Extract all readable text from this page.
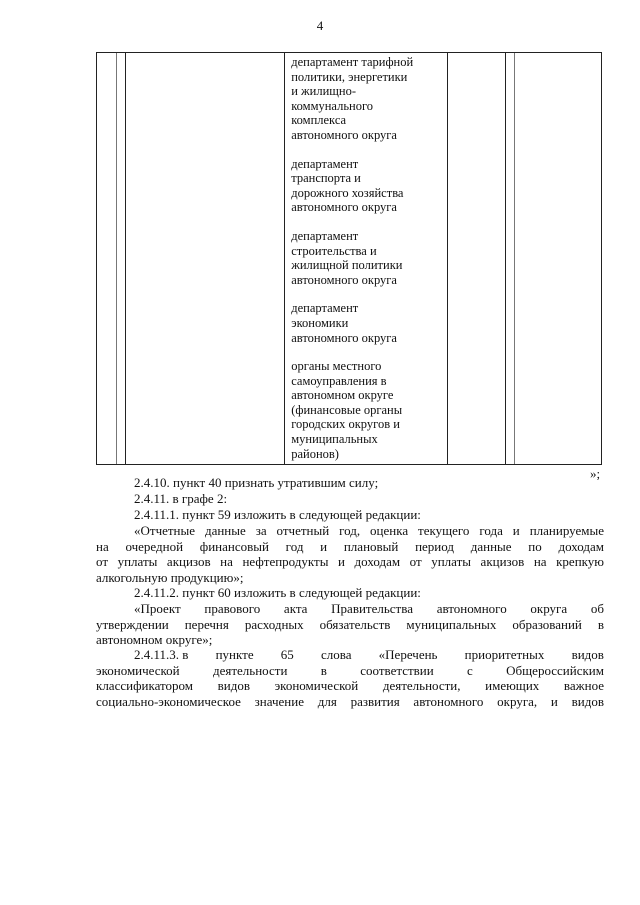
4

департамент тарифной
политики, энергетики
и жилищно-
коммунального
комплекса
автономного округа
департамент
транспорта и
дорожного хозяйства
автономного округа
департамент
строительства и
жилищной политики
автономного округа
департамент
экономики
автономного округа
органы местного
самоуправления в
автономном округе
(финансовые органы
городских округов и
муниципальных
районов)

»;
2.4.10. пункт 40 признать утратившим силу;
2.4.11. в графе 2:
2.4.11.1. пункт 59 изложить в следующей редакции:
«Отчетные данные за отчетный год, оценка текущего года и планируемые
на очередной финансовый год и плановый период данные по доходам
от уплаты акцизов на нефтепродукты и доходам от уплаты акцизов на крепкую
алкогольную продукцию»;
2.4.11.2. пункт 60 изложить в следующей редакции:
«Проект правового акта Правительства автономного округа об
утверждении перечня расходных обязательств муниципальных образований в
автономном округе»;
2.4.11.3. в пункте 65 слова «Перечень приоритетных видов
экономической деятельности в соответствии с Общероссийским
классификатором видов экономической деятельности, имеющих важное
социально-экономическое значение для развития автономного округа, и видов
